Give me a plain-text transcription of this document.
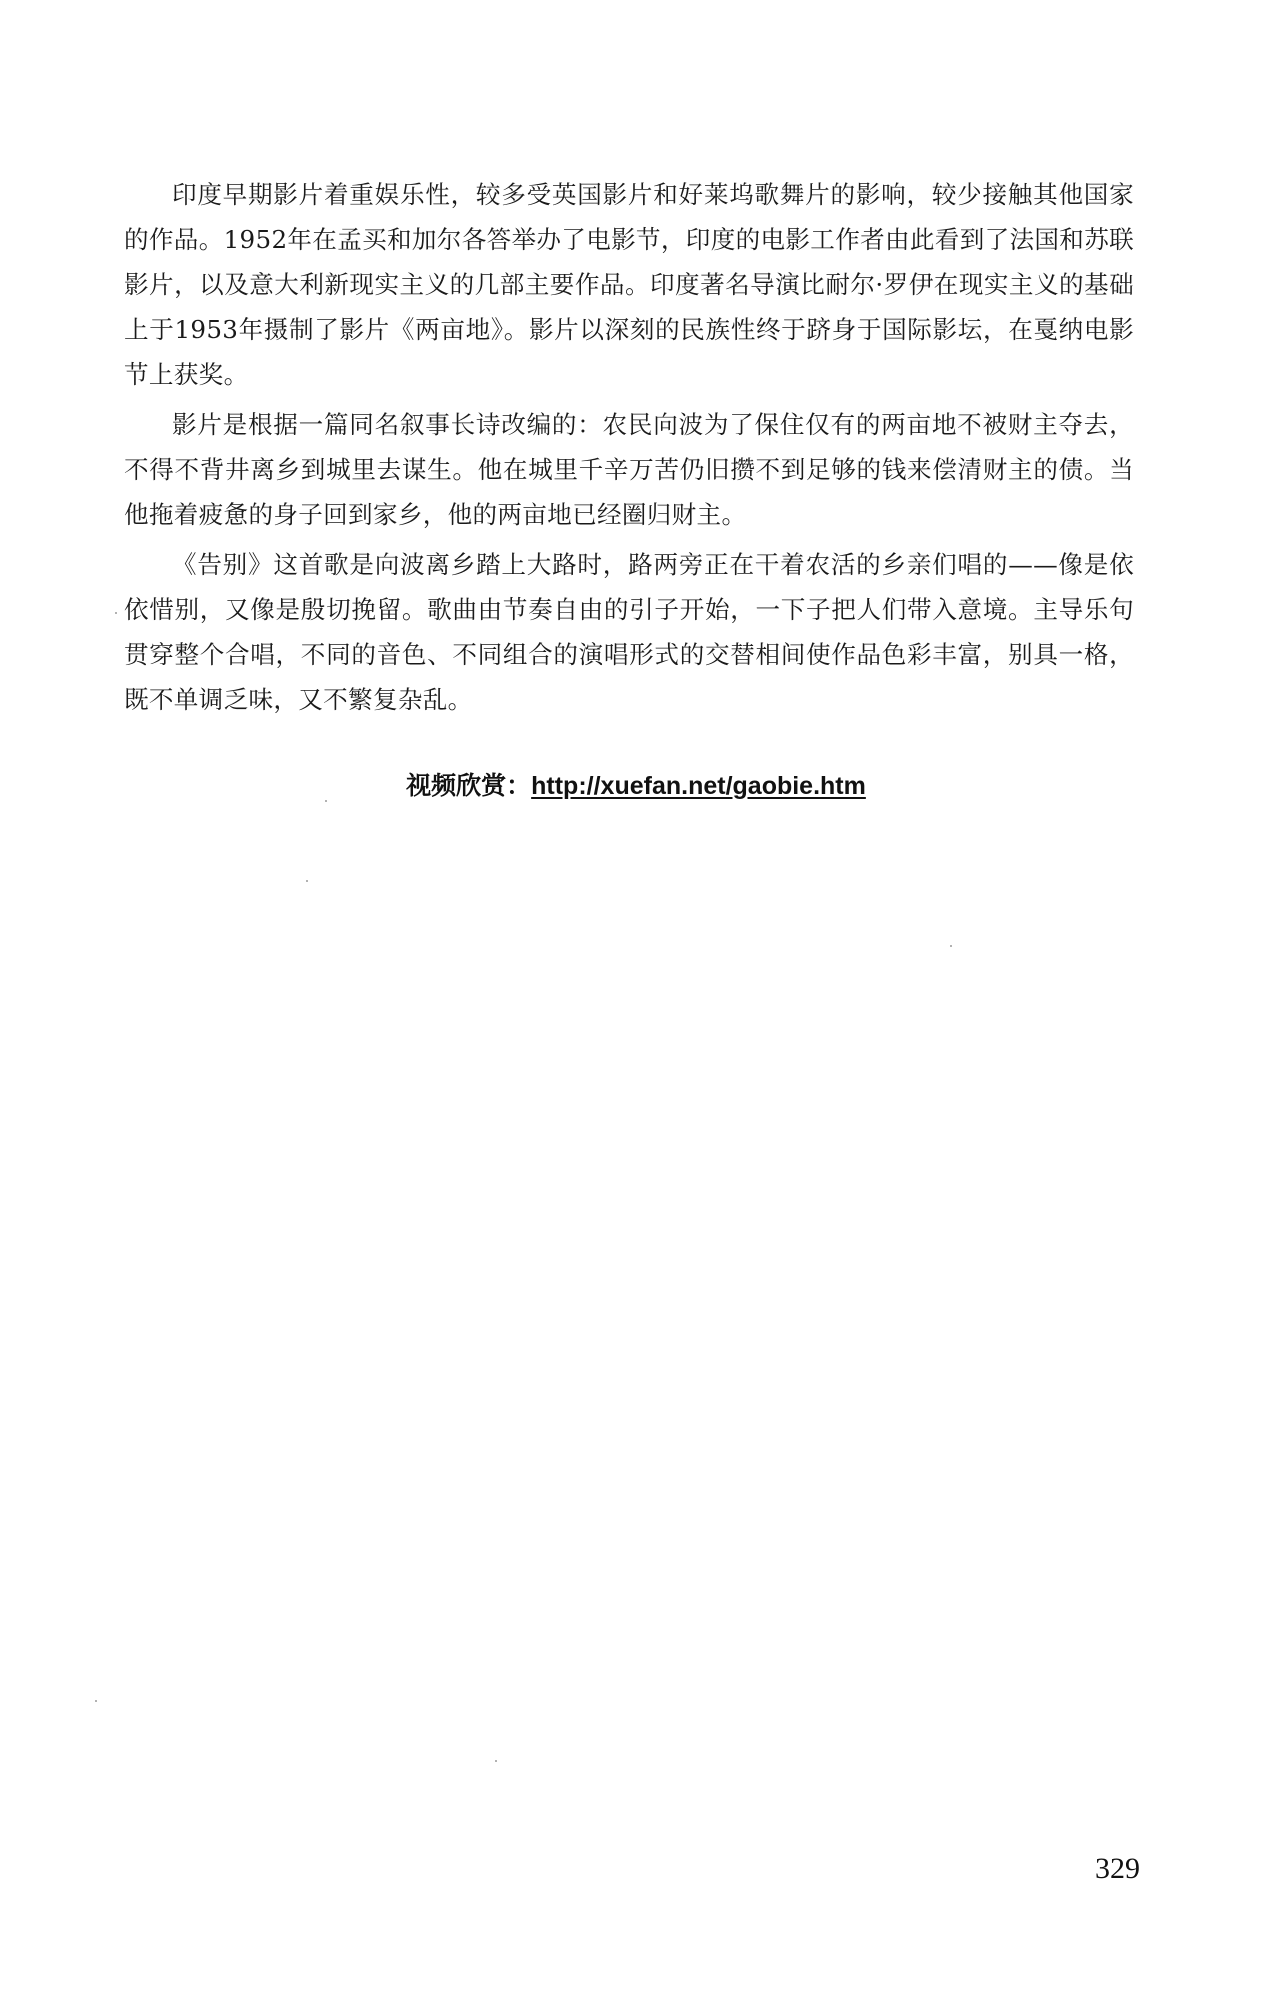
印度早期影片着重娱乐性，较多受英国影片和好莱坞歌舞片的影响，较少接触其他国家的作品。1952年在孟买和加尔各答举办了电影节，印度的电影工作者由此看到了法国和苏联影片，以及意大利新现实主义的几部主要作品。印度著名导演比耐尔·罗伊在现实主义的基础上于1953年摄制了影片《两亩地》。影片以深刻的民族性终于跻身于国际影坛，在戛纳电影节上获奖。

影片是根据一篇同名叙事长诗改编的：农民向波为了保住仅有的两亩地不被财主夺去，不得不背井离乡到城里去谋生。他在城里千辛万苦仍旧攒不到足够的钱来偿清财主的债。当他拖着疲惫的身子回到家乡，他的两亩地已经圈归财主。

《告别》这首歌是向波离乡踏上大路时，路两旁正在干着农活的乡亲们唱的——像是依依惜别，又像是殷切挽留。歌曲由节奏自由的引子开始，一下子把人们带入意境。主导乐句贯穿整个合唱，不同的音色、不同组合的演唱形式的交替相间使作品色彩丰富，别具一格，既不单调乏味，又不繁复杂乱。

视频欣赏：http://xuefan.net/gaobie.htm
329
